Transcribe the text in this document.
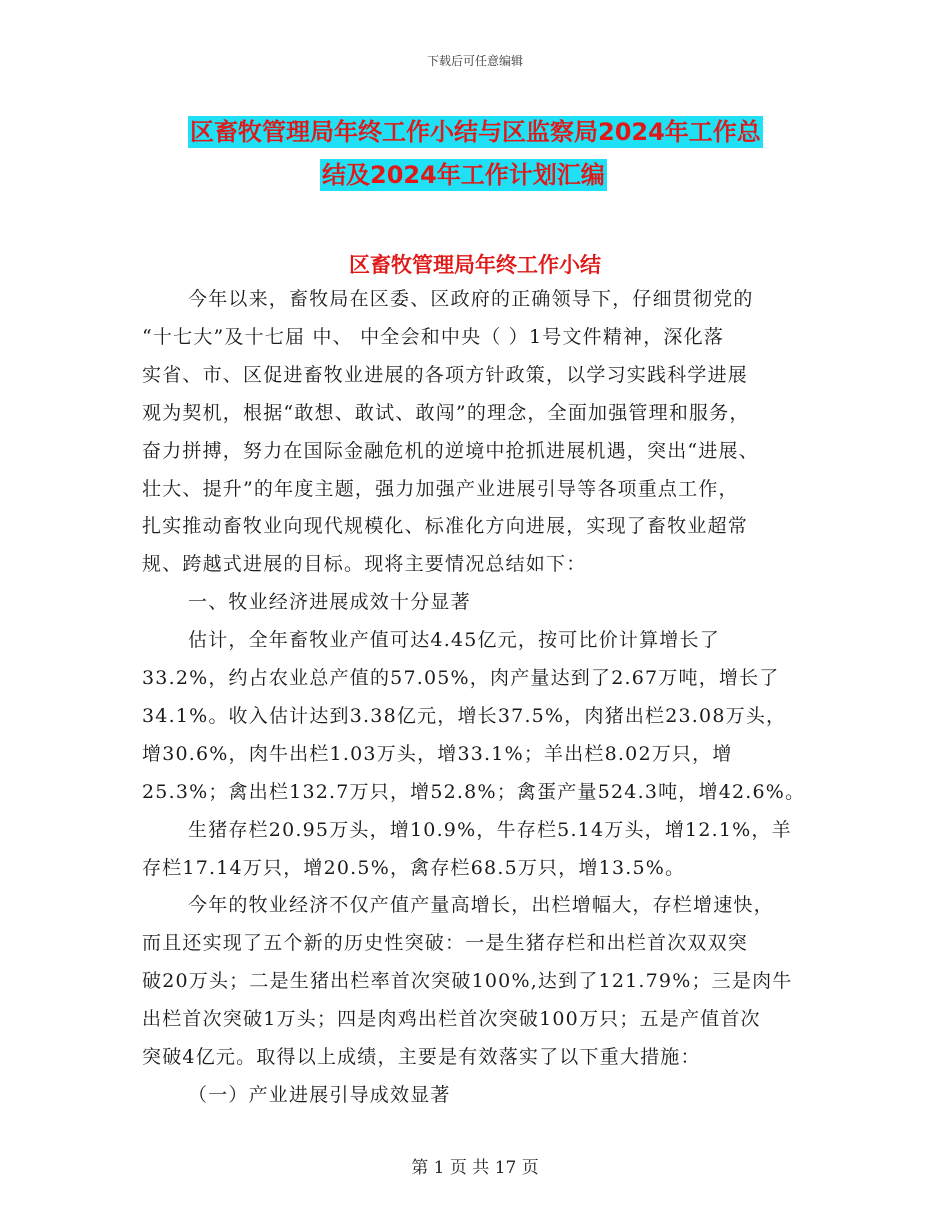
下载后可任意编辑
区畜牧管理局年终工作小结与区监察局2024年工作总
结及2024年工作计划汇编
区畜牧管理局年终工作小结
今年以来，畜牧局在区委、区政府的正确领导下，仔细贯彻党的
“十七大”及十七届 中、 中全会和中央（ ）1号文件精神，深化落
实省、市、区促进畜牧业进展的各项方针政策，以学习实践科学进展
观为契机，根据“敢想、敢试、敢闯”的理念，全面加强管理和服务，
奋力拼搏，努力在国际金融危机的逆境中抢抓进展机遇，突出“进展、
壮大、提升”的年度主题，强力加强产业进展引导等各项重点工作，
扎实推动畜牧业向现代规模化、标准化方向进展，实现了畜牧业超常
规、跨越式进展的目标。现将主要情况总结如下：
一、牧业经济进展成效十分显著
估计，全年畜牧业产值可达4.45亿元，按可比价计算增长了
33.2%，约占农业总产值的57.05%，肉产量达到了2.67万吨，增长了
34.1%。收入估计达到3.38亿元，增长37.5%，肉猪出栏23.08万头，
增30.6%，肉牛出栏1.03万头，增33.1%；羊出栏8.02万只，增
25.3%；禽出栏132.7万只，增52.8%；禽蛋产量524.3吨，增42.6%。
生猪存栏20.95万头，增10.9%，牛存栏5.14万头，增12.1%，羊
存栏17.14万只，增20.5%，禽存栏68.5万只，增13.5%。
今年的牧业经济不仅产值产量高增长，出栏增幅大，存栏增速快，
而且还实现了五个新的历史性突破：一是生猪存栏和出栏首次双双突
破20万头；二是生猪出栏率首次突破100%,达到了121.79%；三是肉牛
出栏首次突破1万头；四是肉鸡出栏首次突破100万只；五是产值首次
突破4亿元。取得以上成绩，主要是有效落实了以下重大措施：
（一）产业进展引导成效显著
第 1 页 共 17 页
